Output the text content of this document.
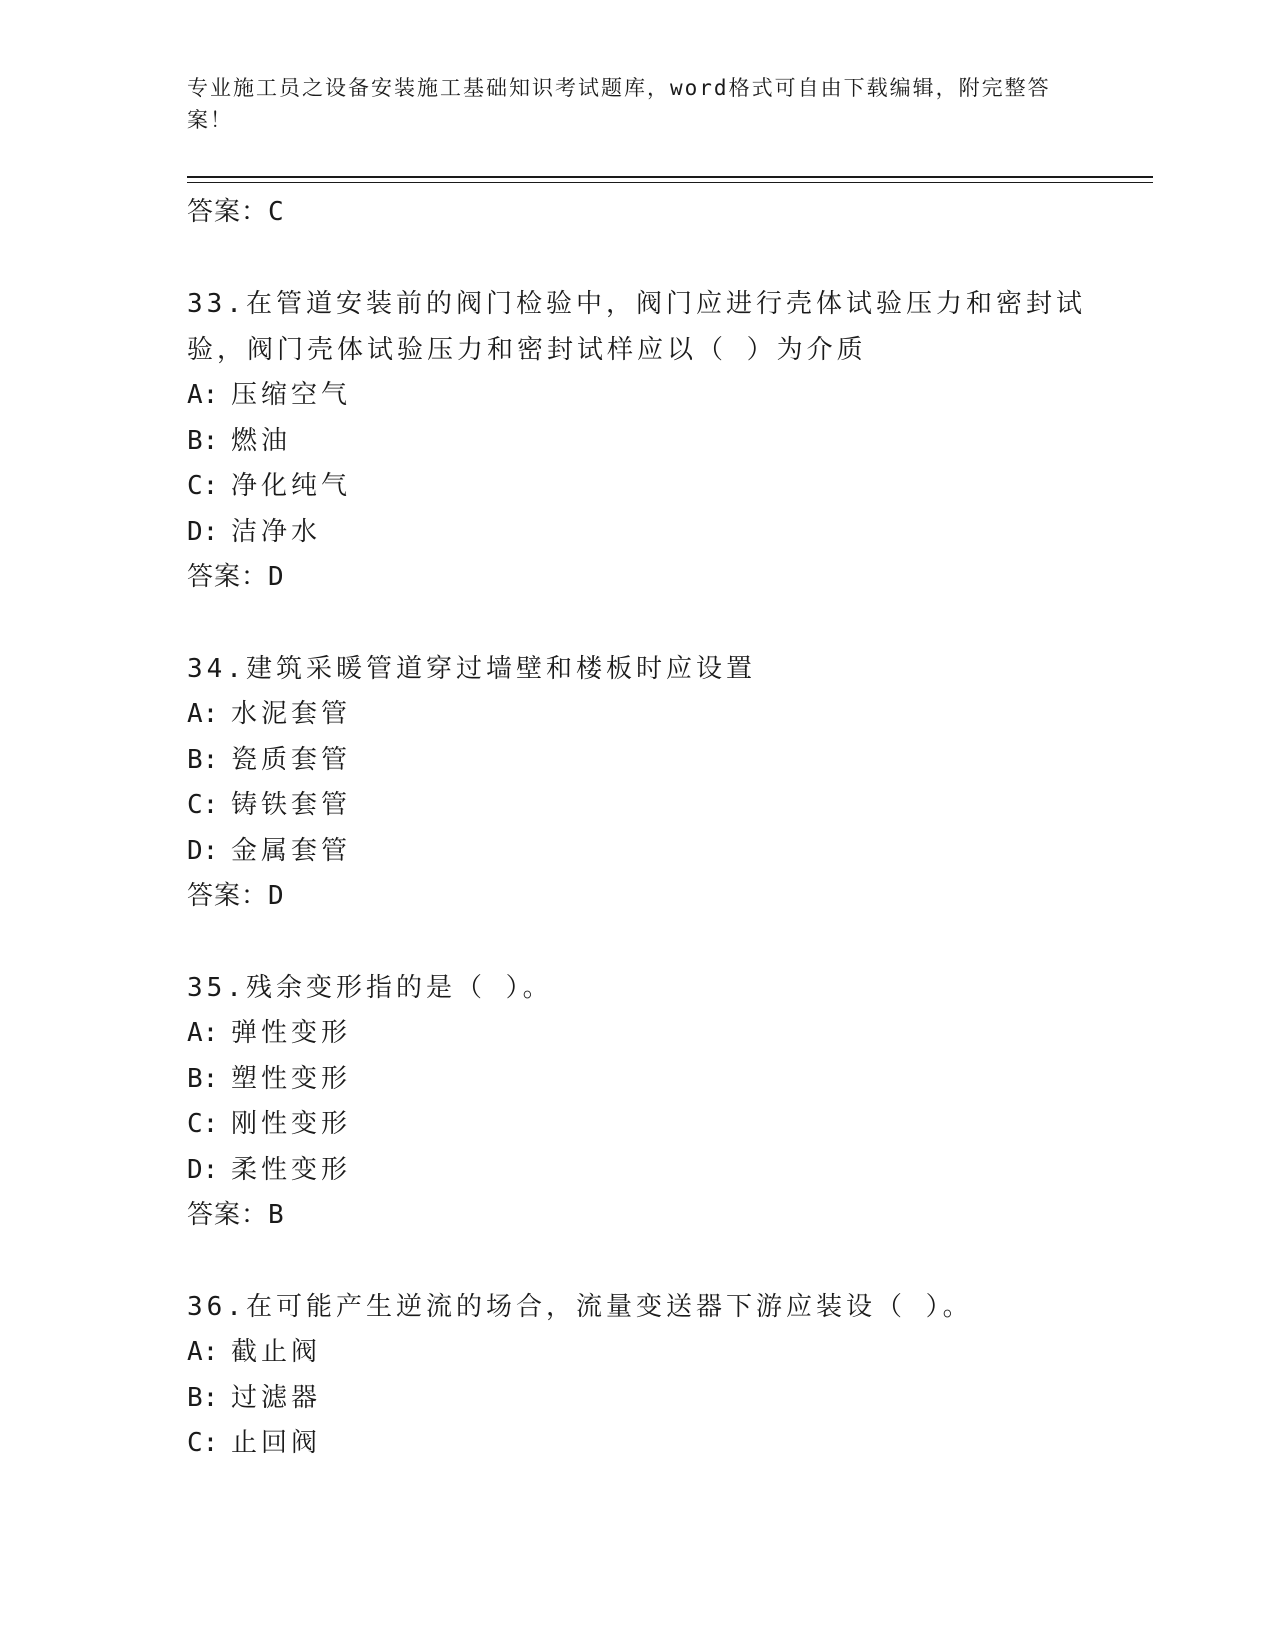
专业施工员之设备安装施工基础知识考试题库，word格式可自由下载编辑，附完整答案！
答案：C
33.在管道安装前的阀门检验中，阀门应进行壳体试验压力和密封试验，阀门壳体试验压力和密封试样应以（ ）为介质
A: 压缩空气
B: 燃油
C: 净化纯气
D: 洁净水
答案：D
34.建筑采暖管道穿过墙壁和楼板时应设置
A: 水泥套管
B: 瓷质套管
C: 铸铁套管
D: 金属套管
答案：D
35.残余变形指的是（ ）。
A: 弹性变形
B: 塑性变形
C: 刚性变形
D: 柔性变形
答案：B
36.在可能产生逆流的场合，流量变送器下游应装设（ ）。
A: 截止阀
B: 过滤器
C: 止回阀
